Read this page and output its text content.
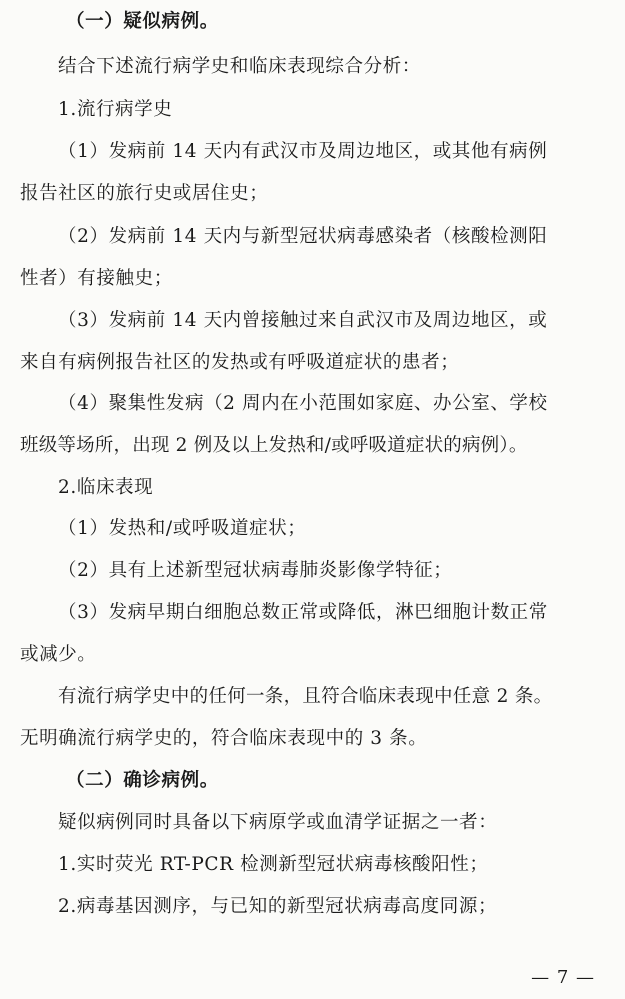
（一）疑似病例。
结合下述流行病学史和临床表现综合分析：
1.流行病学史
（1）发病前 14 天内有武汉市及周边地区，或其他有病例
报告社区的旅行史或居住史；
（2）发病前 14 天内与新型冠状病毒感染者（核酸检测阳
性者）有接触史；
（3）发病前 14 天内曾接触过来自武汉市及周边地区，或
来自有病例报告社区的发热或有呼吸道症状的患者；
（4）聚集性发病（2 周内在小范围如家庭、办公室、学校
班级等场所，出现 2 例及以上发热和/或呼吸道症状的病例）。
2.临床表现
（1）发热和/或呼吸道症状；
（2）具有上述新型冠状病毒肺炎影像学特征；
（3）发病早期白细胞总数正常或降低，淋巴细胞计数正常
或减少。
有流行病学史中的任何一条，且符合临床表现中任意 2 条。
无明确流行病学史的，符合临床表现中的 3 条。
（二）确诊病例。
疑似病例同时具备以下病原学或血清学证据之一者：
1.实时荧光 RT-PCR 检测新型冠状病毒核酸阳性；
2.病毒基因测序，与已知的新型冠状病毒高度同源；
— 7 —
